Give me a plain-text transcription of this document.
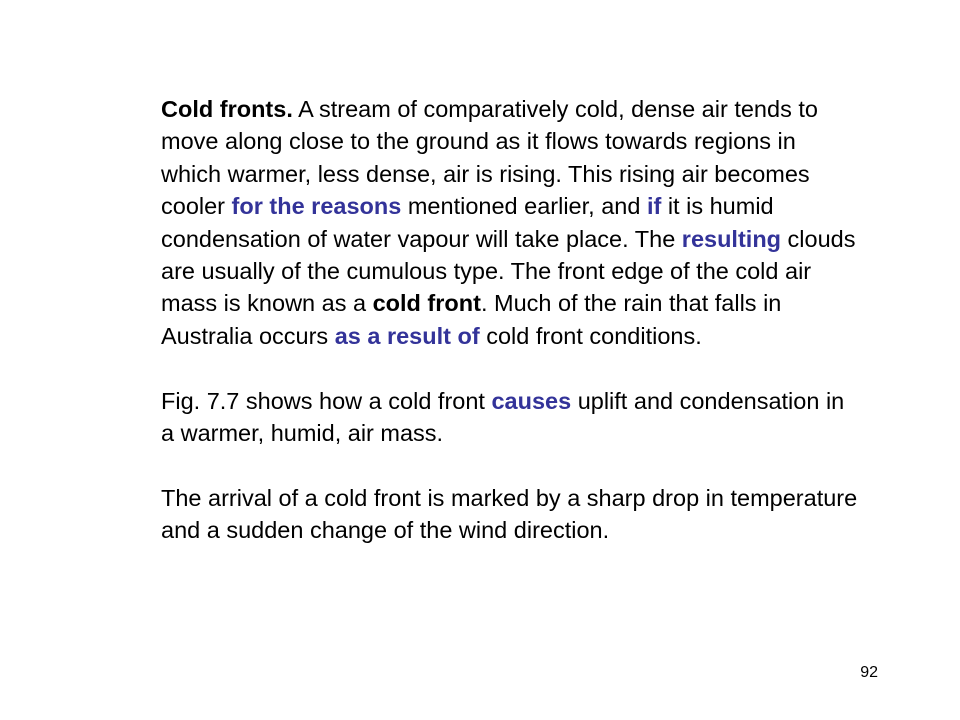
Cold fronts. A stream of comparatively cold, dense air tends to move along close to the ground as it flows towards regions in which warmer, less dense, air is rising. This rising air becomes cooler for the reasons mentioned earlier, and if it is humid condensation of water vapour will take place. The resulting clouds are usually of the cumulous type. The front edge of the cold air mass is known as a cold front. Much of the rain that falls in Australia occurs as a result of cold front conditions.

Fig. 7.7 shows how a cold front causes uplift and condensation in a warmer, humid, air mass.

The arrival of a cold front is marked by a sharp drop in temperature and a sudden change of the wind direction.

92
